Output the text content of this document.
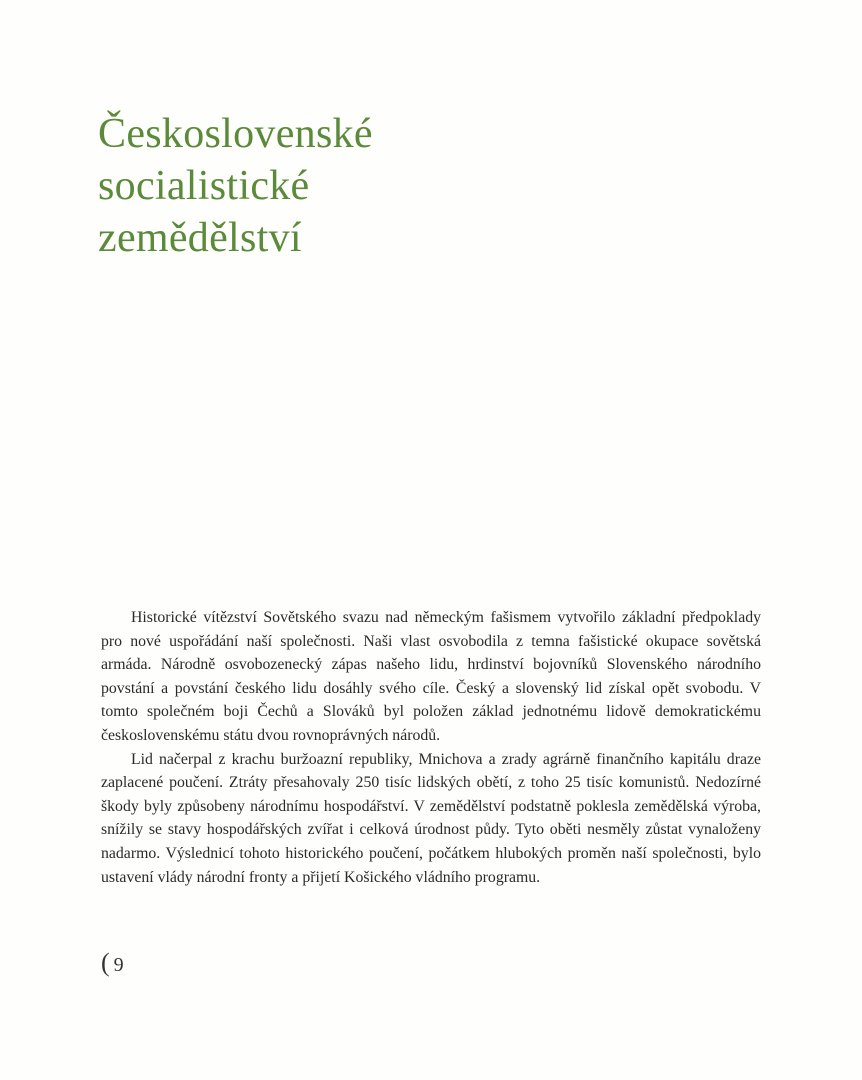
Československé
socialistické
zemědělství

Historické vítězství Sovětského svazu nad německým fašismem vytvořilo základní předpoklady pro nové uspořádání naší společnosti. Naši vlast osvobodila z temna fašistické okupace sovětská armáda. Národně osvobozenecký zápas našeho lidu, hrdinství bojovníků Slovenského národního povstání a povstání českého lidu dosáhly svého cíle. Český a slovenský lid získal opět svobodu. V tomto společném boji Čechů a Slováků byl položen základ jednotnému lidově demokratickému československému státu dvou rovnoprávných národů.

Lid načerpal z krachu buržoazní republiky, Mnichova a zrady agrárně finančního kapitálu draze zaplacené poučení. Ztráty přesahovaly 250 tisíc lidských obětí, z toho 25 tisíc komunistů. Nedozírné škody byly způsobeny národnímu hospodářství. V zemědělství podstatně poklesla zemědělská výroba, snížily se stavy hospodářských zvířat i celková úrodnost půdy. Tyto oběti nesměly zůstat vynaloženy nadarmo. Výslednicí tohoto historického poučení, počátkem hlubokých proměn naší společnosti, bylo ustavení vlády národní fronty a přijetí Košického vládního programu.

( 9
